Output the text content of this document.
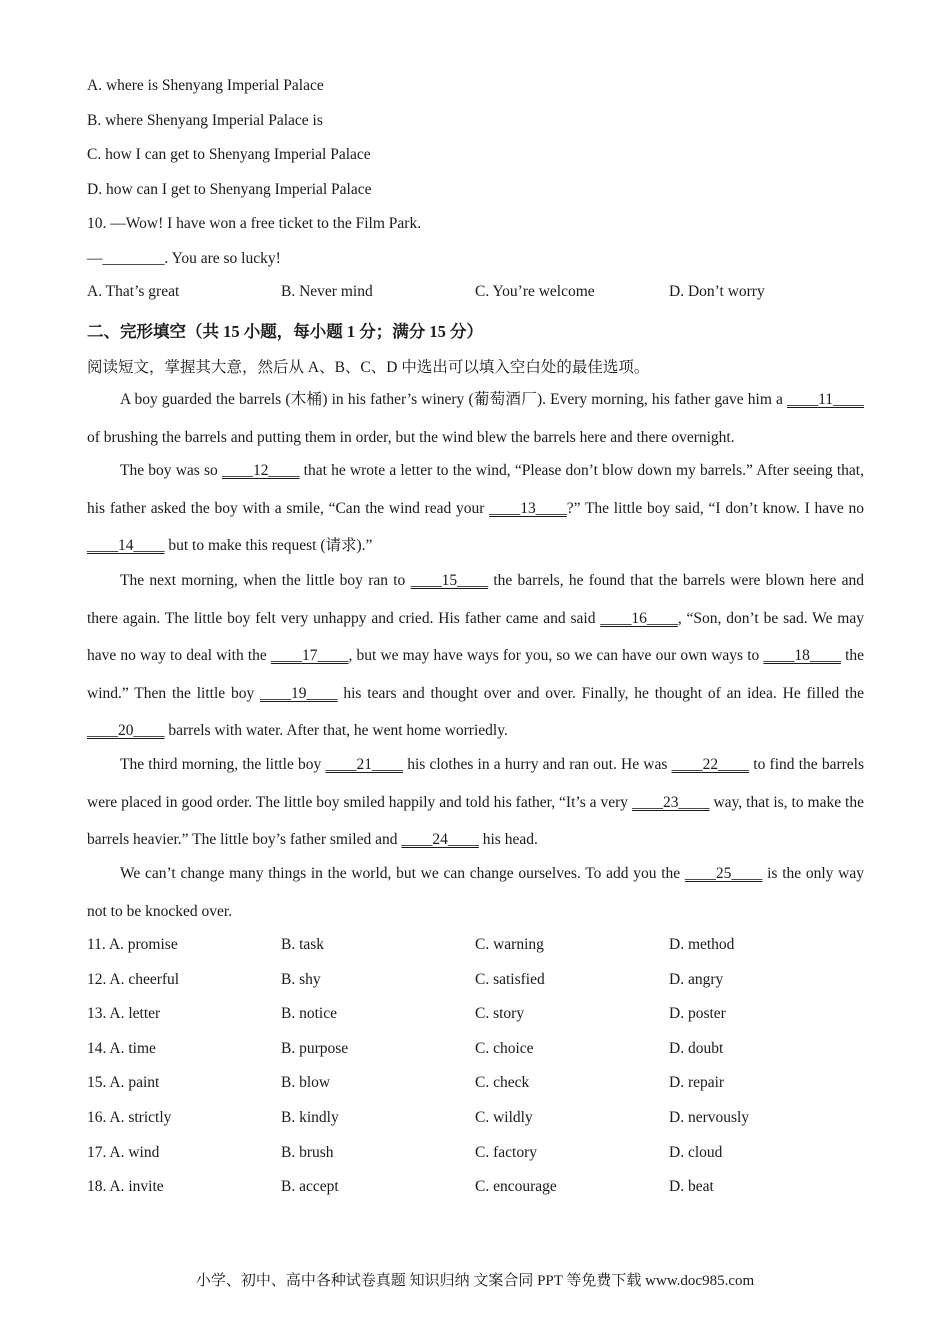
A. where is Shenyang Imperial Palace
B. where Shenyang Imperial Palace is
C. how I can get to Shenyang Imperial Palace
D. how can I get to Shenyang Imperial Palace
10. —Wow! I have won a free ticket to the Film Park.
—________. You are so lucky!
A. That’s great	B. Never mind	C. You’re welcome	D. Don’t worry
二、完形填空（共 15 小题，每小题 1 分；满分 15 分）
阅读短文，掌握其大意，然后从 A、B、C、D 中选出可以填入空白处的最佳选项。

A boy guarded the barrels (木桶) in his father’s winery (葡萄酒厂). Every morning, his father gave him a ____11____ of brushing the barrels and putting them in order, but the wind blew the barrels here and there overnight.

The boy was so ____12____ that he wrote a letter to the wind, “Please don’t blow down my barrels.” After seeing that, his father asked the boy with a smile, “Can the wind read your ____13____?” The little boy said, “I don’t know. I have no ____14____ but to make this request (请求).”

The next morning, when the little boy ran to ____15____ the barrels, he found that the barrels were blown here and there again. The little boy felt very unhappy and cried. His father came and said ____16____, “Son, don’t be sad. We may have no way to deal with the ____17____, but we may have ways for you, so we can have our own ways to ____18____ the wind.” Then the little boy ____19____ his tears and thought over and over. Finally, he thought of an idea. He filled the ____20____ barrels with water. After that, he went home worriedly.

The third morning, the little boy ____21____ his clothes in a hurry and ran out. He was ____22____ to find the barrels were placed in good order. The little boy smiled happily and told his father, “It’s a very ____23____ way, that is, to make the barrels heavier.” The little boy’s father smiled and ____24____ his head.

We can’t change many things in the world, but we can change ourselves. To add you the ____25____ is the only way not to be knocked over.

11. A. promise	B. task	C. warning	D. method
12. A. cheerful	B. shy	C. satisfied	D. angry
13. A. letter	B. notice	C. story	D. poster
14. A. time	B. purpose	C. choice	D. doubt
15. A. paint	B. blow	C. check	D. repair
16. A. strictly	B. kindly	C. wildly	D. nervously
17. A. wind	B. brush	C. factory	D. cloud
18. A. invite	B. accept	C. encourage	D. beat
小学、初中、高中各种试卷真题 知识归纳 文案合同 PPT 等免费下载 www.doc985.com
